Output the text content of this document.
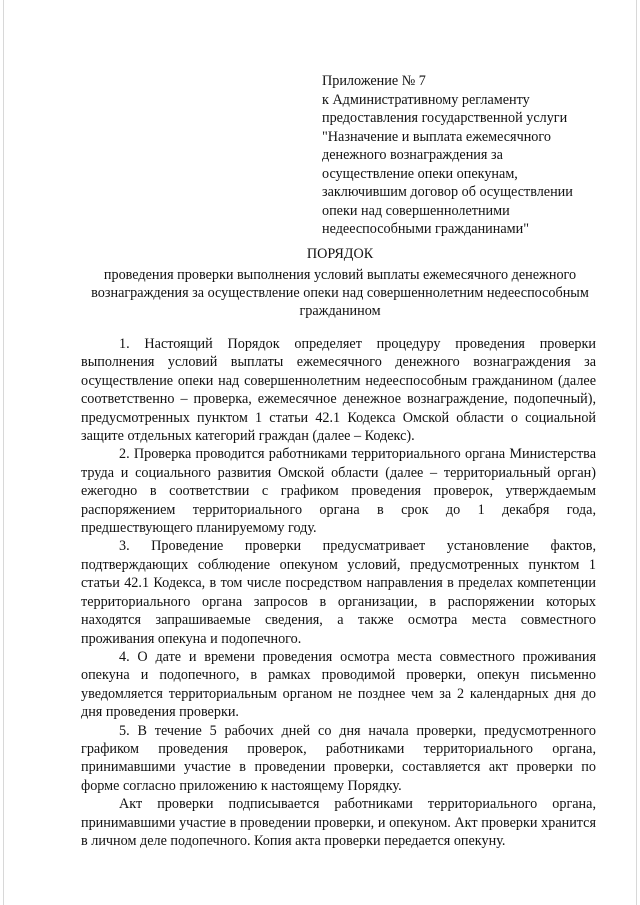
Приложение № 7
к Административному регламенту
предоставления государственной услуги
"Назначение и выплата ежемесячного
денежного вознаграждения за
осуществление опеки опекунам,
заключившим договор об осуществлении
опеки над совершеннолетними
недееспособными гражданинами"
ПОРЯДОК
проведения проверки выполнения условий выплаты ежемесячного денежного вознаграждения за осуществление опеки над совершеннолетним недееспособным гражданином

1. Настоящий Порядок определяет процедуру проведения проверки выполнения условий выплаты ежемесячного денежного вознаграждения за осуществление опеки над совершеннолетним недееспособным гражданином (далее соответственно – проверка, ежемесячное денежное вознаграждение, подопечный), предусмотренных пунктом 1 статьи 42.1 Кодекса Омской области о социальной защите отдельных категорий граждан (далее – Кодекс).

2. Проверка проводится работниками территориального органа Министерства труда и социального развития Омской области (далее – территориальный орган) ежегодно в соответствии с графиком проведения проверок, утверждаемым распоряжением территориального органа в срок до 1 декабря года, предшествующего планируемому году.

3. Проведение проверки предусматривает установление фактов, подтверждающих соблюдение опекуном условий, предусмотренных пунктом 1 статьи 42.1 Кодекса, в том числе посредством направления в пределах компетенции территориального органа запросов в организации, в распоряжении которых находятся запрашиваемые сведения, а также осмотра места совместного проживания опекуна и подопечного.

4. О дате и времени проведения осмотра места совместного проживания опекуна и подопечного, в рамках проводимой проверки, опекун письменно уведомляется территориальным органом не позднее чем за 2 календарных дня до дня проведения проверки.

5. В течение 5 рабочих дней со дня начала проверки, предусмотренного графиком проведения проверок, работниками территориального органа, принимавшими участие в проведении проверки, составляется акт проверки по форме согласно приложению к настоящему Порядку.

Акт проверки подписывается работниками территориального органа, принимавшими участие в проведении проверки, и опекуном. Акт проверки хранится в личном деле подопечного. Копия акта проверки передается опекуну.
